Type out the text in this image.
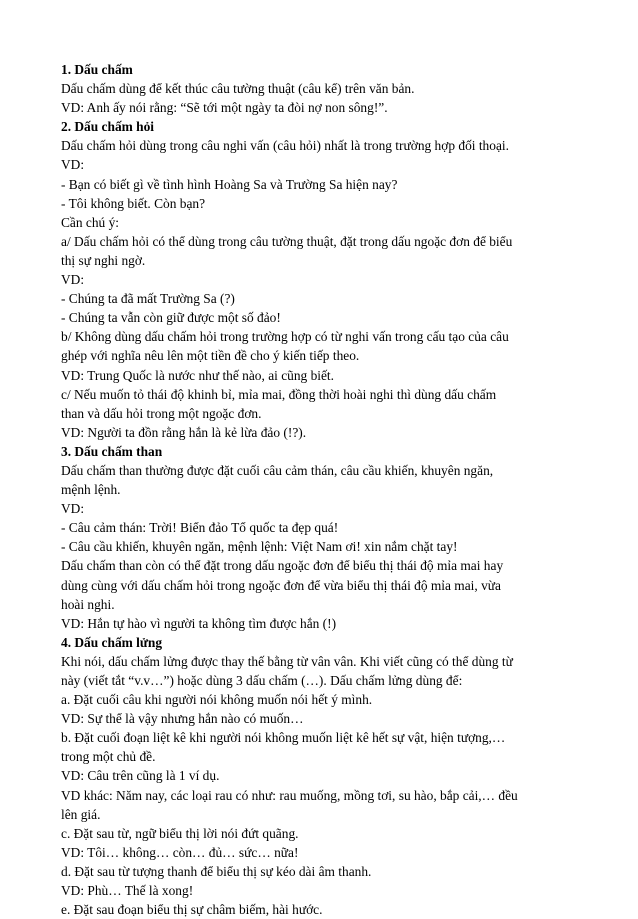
1. Dấu chấm
Dấu chấm dùng để kết thúc câu tường thuật (câu kể) trên văn bản.
VD: Anh ấy nói rằng: “Sẽ tới một ngày ta đòi nợ non sông!”.
2. Dấu chấm hỏi
Dấu chấm hỏi dùng trong câu nghi vấn (câu hỏi) nhất là trong trường hợp đối thoại.
VD:
- Bạn có biết gì về tình hình Hoàng Sa và Trường Sa hiện nay?
- Tôi không biết. Còn bạn?
Cần chú ý:
a/ Dấu chấm hỏi có thể dùng trong câu tường thuật, đặt trong dấu ngoặc đơn để biểu
thị sự nghi ngờ.
VD:
- Chúng ta đã mất Trường Sa (?)
- Chúng ta vẫn còn giữ được một số đảo!
b/ Không dùng dấu chấm hỏi trong trường hợp có từ nghi vấn trong cấu tạo của câu
ghép với nghĩa nêu lên một tiền đề cho ý kiến tiếp theo.
VD: Trung Quốc là nước như thế nào, ai cũng biết.
c/ Nếu muốn tỏ thái độ khinh bỉ, mỉa mai, đồng thời hoài nghi thì dùng dấu chấm
than và dấu hỏi trong một ngoặc đơn.
VD: Người ta đồn rằng hắn là kẻ lừa đảo (!?).
3. Dấu chấm than
Dấu chấm than thường được đặt cuối câu cảm thán, câu cầu khiến, khuyên ngăn,
mệnh lệnh.
VD:
- Câu cảm thán: Trời! Biển đảo Tổ quốc ta đẹp quá!
- Câu cầu khiến, khuyên ngăn, mệnh lệnh: Việt Nam ơi! xin nắm chặt tay!
Dấu chấm than còn có thể đặt trong dấu ngoặc đơn để biểu thị thái độ mỉa mai hay
dùng cùng với dấu chấm hỏi trong ngoặc đơn để vừa biểu thị thái độ mỉa mai, vừa
hoài nghi.
VD: Hắn tự hào vì người ta không tìm được hắn (!)
4. Dấu chấm lửng
Khi nói, dấu chấm lửng được thay thế bằng từ vân vân. Khi viết cũng có thể dùng từ
này (viết tắt “v.v…”) hoặc dùng 3 dấu chấm (…). Dấu chấm lửng dùng để:
a. Đặt cuối câu khi người nói không muốn nói hết ý mình.
VD: Sự thể là vậy nhưng hắn nào có muốn…
b. Đặt cuối đoạn liệt kê khi người nói không muốn liệt kê hết sự vật, hiện tượng,…
trong một chủ đề.
VD: Câu trên cũng là 1 ví dụ.
VD khác: Năm nay, các loại rau có như: rau muống, mồng tơi, su hào, bắp cải,… đều
lên giá.
c. Đặt sau từ, ngữ biểu thị lời nói đứt quãng.
VD: Tôi… không… còn… đủ… sức… nữa!
d. Đặt sau từ tượng thanh để biểu thị sự kéo dài âm thanh.
VD: Phù… Thế là xong!
e. Đặt sau đoạn biểu thị sự châm biếm, hài hước.
